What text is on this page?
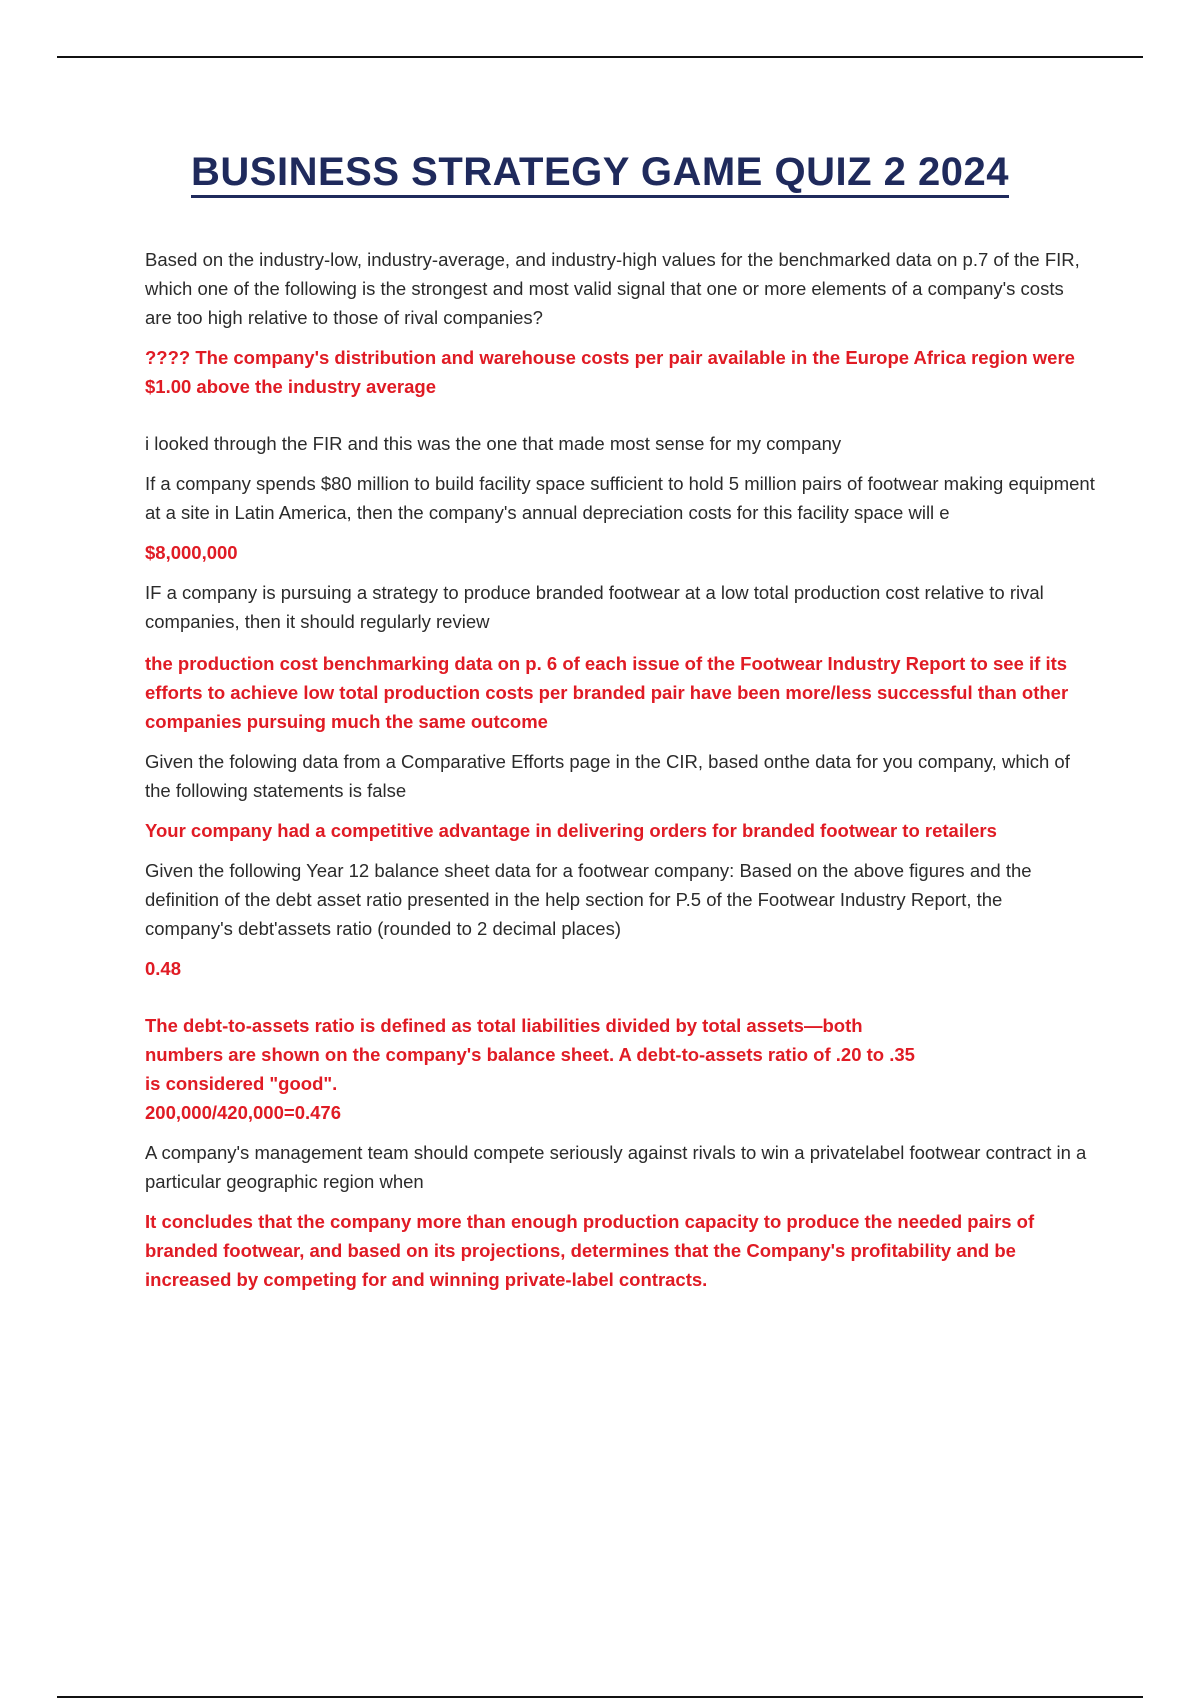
BUSINESS STRATEGY GAME QUIZ 2 2024

Based on the industry-low, industry-average, and industry-high values for the benchmarked data on p.7 of the FIR, which one of the following is the strongest and most valid signal that one or more elements of a company's costs are too high relative to those of rival companies?

???? The company's distribution and warehouse costs per pair available in the Europe Africa region were $1.00 above the industry average

i looked through the FIR and this was the one that made most sense for my company

If a company spends $80 million to build facility space sufficient to hold 5 million pairs of footwear making equipment at a site in Latin America, then the company's annual depreciation costs for this facility space will e

$8,000,000

IF a company is pursuing a strategy to produce branded footwear at a low total production cost relative to rival companies, then it should regularly review

the production cost benchmarking data on p. 6 of each issue of the Footwear Industry Report to see if its efforts to achieve low total production costs per branded pair have been more/less successful than other companies pursuing much the same outcome

Given the folowing data from a Comparative Efforts page in the CIR, based onthe data for you company, which of the following statements is false

Your company had a competitive advantage in delivering orders for branded footwear to retailers

Given the following Year 12 balance sheet data for a footwear company: Based on the above figures and the definition of the debt asset ratio presented in the help section for P.5 of the Footwear Industry Report, the company's debt'assets ratio (rounded to 2 decimal places)

0.48

The debt-to-assets ratio is defined as total liabilities divided by total assets—both

numbers are shown on the company's balance sheet. A debt-to-assets ratio of .20 to .35

is considered "good".

200,000/420,000=0.476

A company's management team should compete seriously against rivals to win a privatelabel footwear contract in a particular geographic region when

It concludes that the company more than enough production capacity to produce the needed pairs of branded footwear, and based on its projections, determines that the Company's profitability and be increased by competing for and winning private-label contracts.
